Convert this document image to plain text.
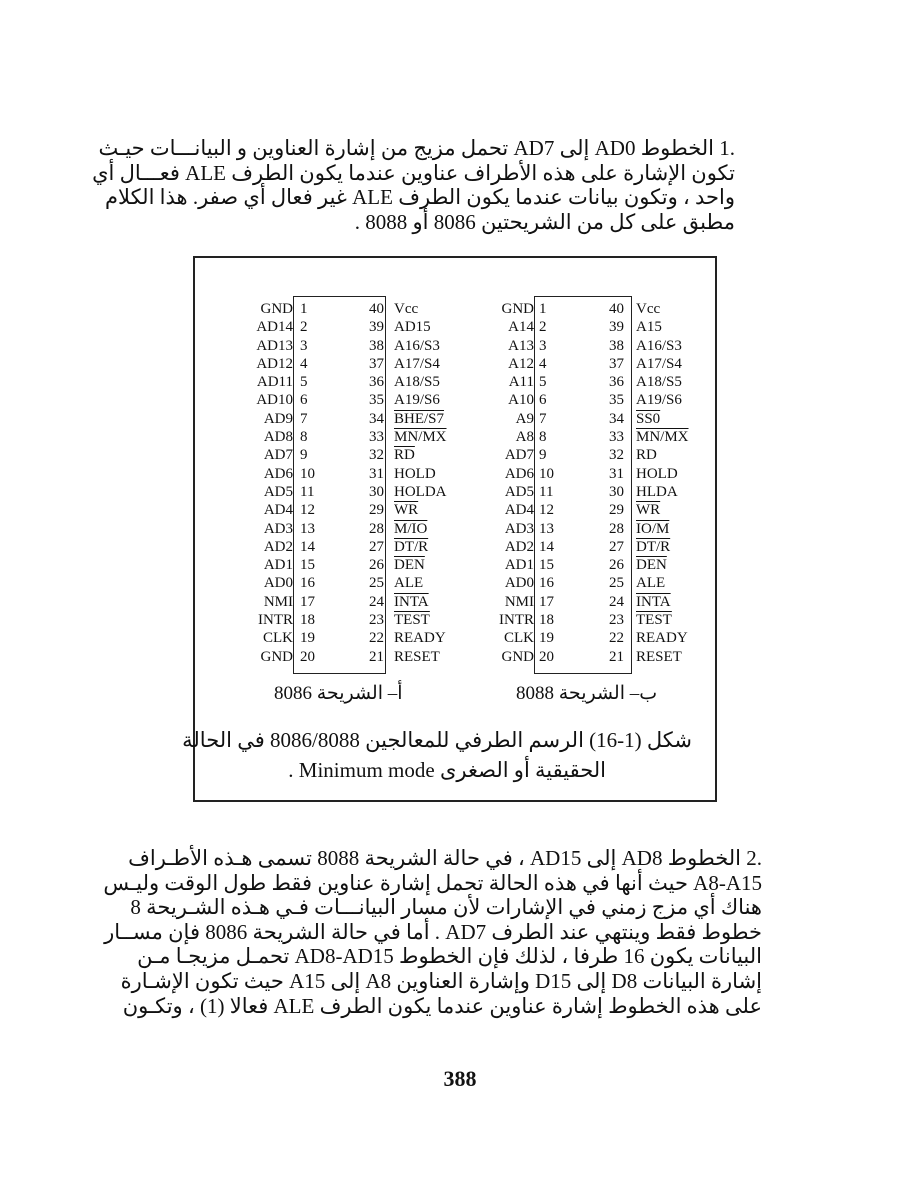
.1 الخطوط AD0 إلى AD7 تحمل مزيج من إشارة العناوين و البيانـــات حيـث
تكون الإشارة على هذه الأطراف عناوين عندما يكون الطرف ALE فعـــال أي
واحد ، وتكون بيانات عندما يكون الطرف ALE غير فعال أي صفر. هذا الكلام
مطبق على كل من الشريحتين 8086 أو 8088 .
GND
AD14
AD13
AD12
AD11
AD10
AD9
AD8
AD7
AD6
AD5
AD4
AD3
AD2
AD1
AD0
NMI
INTR
CLK
GND
1
2
3
4
5
6
7
8
9
10
11
12
13
14
15
16
17
18
19
20
40
39
38
37
36
35
34
33
32
31
30
29
28
27
26
25
24
23
22
21
Vcc
AD15
A16/S3
A17/S4
A18/S5
A19/S6
BHE/S7
MN/MX
$\overline{RD}$
HOLD
HOLDA
$\overline{WR}$
M/IO
DT/R
$\overline{DEN}$
ALE
INTA
TEST
READY
RESET
GND
A14
A13
A12
A11
A10
A9
A8
AD7
AD6
AD5
AD4
AD3
AD2
AD1
AD0
NMI
INTR
CLK
GND
1
2
3
4
5
6
7
8
9
10
11
12
13
14
15
16
17
18
19
20
40
39
38
37
36
35
34
33
32
31
30
29
28
27
26
25
24
23
22
21
Vcc
A15
A16/S3
A17/S4
A18/S5
A19/S6
SS0
MN/MX
RD
HOLD
HLDA
$\overline{WR}$
IO/M
DT/R
$\overline{DEN}$
ALE
INTA
TEST
READY
RESET
أ– الشريحة 8086	ب– الشريحة 8088
شكل (1-16) الرسم الطرفي للمعالجين 8086/8088 في الحالة
الحقيقية أو الصغرى Minimum mode .
.2 الخطوط AD8 إلى AD15 ، في حالة الشريحة 8088 تسمى هـذه الأطـراف
A8-A15 حيث أنها في هذه الحالة تحمل إشارة عناوين فقط طول الوقت وليـس
هناك أي مزج زمني في الإشارات لأن مسار البيانـــات فـي هـذه الشـريحة 8
خطوط فقط وينتهي عند الطرف AD7 . أما في حالة الشريحة 8086 فإن مســار
البيانات يكون 16 طرفا ، لذلك فإن الخطوط AD8-AD15 تحمـل مزيجـا مـن
إشارة البيانات D8 إلى D15 وإشارة العناوين A8 إلى A15 حيث تكون الإشـارة
على هذه الخطوط إشارة عناوين عندما يكون الطرف ALE فعالا (1) ، وتكـون
388
